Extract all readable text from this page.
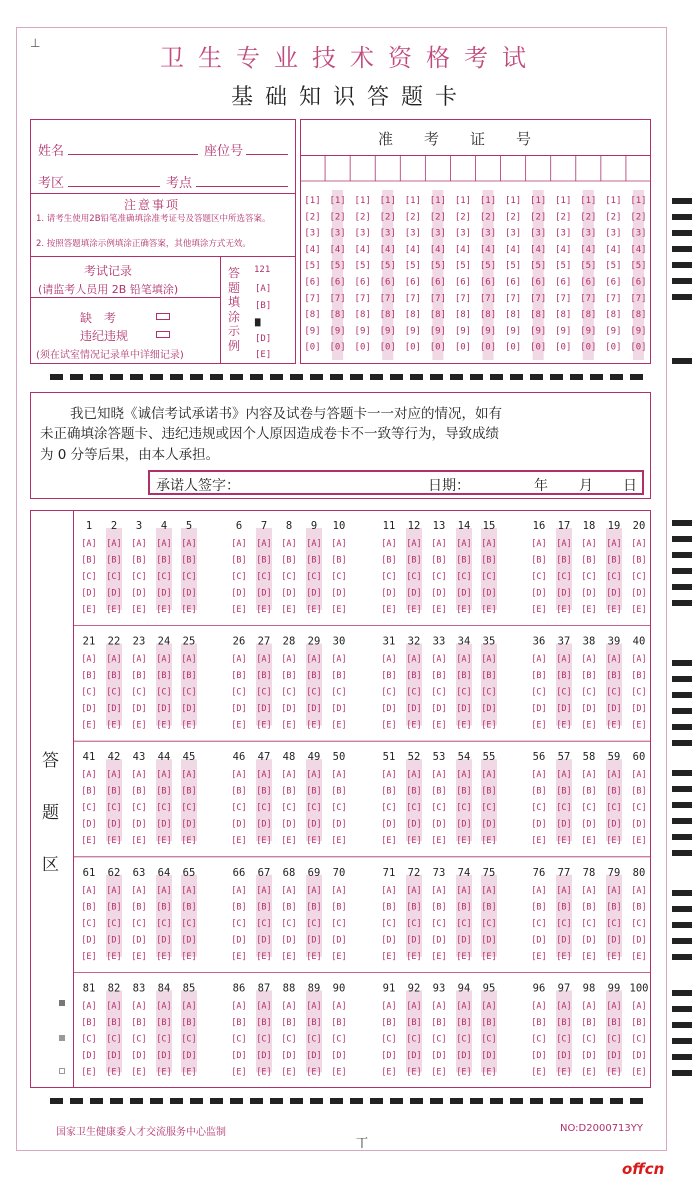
⊥
卫生专业技术资格考试
基础知识答题卡
姓名	座位号
考区	考点
注意事项
1. 请考生使用2B铅笔准确填涂准考证号及答题区中所选答案。
2. 按照答题填涂示例填涂正确答案，其他填涂方式无效。
考试记录
(请监考人员用 2B 铅笔填涂)
缺　考
违纪违规
(须在试室情况记录单中详细记录)
答
题
填
涂
示
例
121
[A]
[B]
▆
[D]
[E]
准　考　证　号
[1]
[2]
[3]
[4]
[5]
[6]
[7]
[8]
[9]
[0]
[1]
[2]
[3]
[4]
[5]
[6]
[7]
[8]
[9]
[0]
[1]
[2]
[3]
[4]
[5]
[6]
[7]
[8]
[9]
[0]
[1]
[2]
[3]
[4]
[5]
[6]
[7]
[8]
[9]
[0]
[1]
[2]
[3]
[4]
[5]
[6]
[7]
[8]
[9]
[0]
[1]
[2]
[3]
[4]
[5]
[6]
[7]
[8]
[9]
[0]
[1]
[2]
[3]
[4]
[5]
[6]
[7]
[8]
[9]
[0]
[1]
[2]
[3]
[4]
[5]
[6]
[7]
[8]
[9]
[0]
[1]
[2]
[3]
[4]
[5]
[6]
[7]
[8]
[9]
[0]
[1]
[2]
[3]
[4]
[5]
[6]
[7]
[8]
[9]
[0]
[1]
[2]
[3]
[4]
[5]
[6]
[7]
[8]
[9]
[0]
[1]
[2]
[3]
[4]
[5]
[6]
[7]
[8]
[9]
[0]
[1]
[2]
[3]
[4]
[5]
[6]
[7]
[8]
[9]
[0]
[1]
[2]
[3]
[4]
[5]
[6]
[7]
[8]
[9]
[0]
我已知晓《诚信考试承诺书》内容及试卷与答题卡一一对应的情况，如有
未正确填涂答题卡、违纪违规或因个人原因造成卷卡不一致等行为，导致成绩
为 0 分等后果，由本人承担。
承诺人签字：	日期：	年 月 日
答
题
区
1
[A]
[B]
[C]
[D]
[E]
2
[A]
[B]
[C]
[D]
[E]
3
[A]
[B]
[C]
[D]
[E]
4
[A]
[B]
[C]
[D]
[E]
5
[A]
[B]
[C]
[D]
[E]
6
[A]
[B]
[C]
[D]
[E]
7
[A]
[B]
[C]
[D]
[E]
8
[A]
[B]
[C]
[D]
[E]
9
[A]
[B]
[C]
[D]
[E]
10
[A]
[B]
[C]
[D]
[E]
11
[A]
[B]
[C]
[D]
[E]
12
[A]
[B]
[C]
[D]
[E]
13
[A]
[B]
[C]
[D]
[E]
14
[A]
[B]
[C]
[D]
[E]
15
[A]
[B]
[C]
[D]
[E]
16
[A]
[B]
[C]
[D]
[E]
17
[A]
[B]
[C]
[D]
[E]
18
[A]
[B]
[C]
[D]
[E]
19
[A]
[B]
[C]
[D]
[E]
20
[A]
[B]
[C]
[D]
[E]
21
[A]
[B]
[C]
[D]
[E]
22
[A]
[B]
[C]
[D]
[E]
23
[A]
[B]
[C]
[D]
[E]
24
[A]
[B]
[C]
[D]
[E]
25
[A]
[B]
[C]
[D]
[E]
26
[A]
[B]
[C]
[D]
[E]
27
[A]
[B]
[C]
[D]
[E]
28
[A]
[B]
[C]
[D]
[E]
29
[A]
[B]
[C]
[D]
[E]
30
[A]
[B]
[C]
[D]
[E]
31
[A]
[B]
[C]
[D]
[E]
32
[A]
[B]
[C]
[D]
[E]
33
[A]
[B]
[C]
[D]
[E]
34
[A]
[B]
[C]
[D]
[E]
35
[A]
[B]
[C]
[D]
[E]
36
[A]
[B]
[C]
[D]
[E]
37
[A]
[B]
[C]
[D]
[E]
38
[A]
[B]
[C]
[D]
[E]
39
[A]
[B]
[C]
[D]
[E]
40
[A]
[B]
[C]
[D]
[E]
41
[A]
[B]
[C]
[D]
[E]
42
[A]
[B]
[C]
[D]
[E]
43
[A]
[B]
[C]
[D]
[E]
44
[A]
[B]
[C]
[D]
[E]
45
[A]
[B]
[C]
[D]
[E]
46
[A]
[B]
[C]
[D]
[E]
47
[A]
[B]
[C]
[D]
[E]
48
[A]
[B]
[C]
[D]
[E]
49
[A]
[B]
[C]
[D]
[E]
50
[A]
[B]
[C]
[D]
[E]
51
[A]
[B]
[C]
[D]
[E]
52
[A]
[B]
[C]
[D]
[E]
53
[A]
[B]
[C]
[D]
[E]
54
[A]
[B]
[C]
[D]
[E]
55
[A]
[B]
[C]
[D]
[E]
56
[A]
[B]
[C]
[D]
[E]
57
[A]
[B]
[C]
[D]
[E]
58
[A]
[B]
[C]
[D]
[E]
59
[A]
[B]
[C]
[D]
[E]
60
[A]
[B]
[C]
[D]
[E]
61
[A]
[B]
[C]
[D]
[E]
62
[A]
[B]
[C]
[D]
[E]
63
[A]
[B]
[C]
[D]
[E]
64
[A]
[B]
[C]
[D]
[E]
65
[A]
[B]
[C]
[D]
[E]
66
[A]
[B]
[C]
[D]
[E]
67
[A]
[B]
[C]
[D]
[E]
68
[A]
[B]
[C]
[D]
[E]
69
[A]
[B]
[C]
[D]
[E]
70
[A]
[B]
[C]
[D]
[E]
71
[A]
[B]
[C]
[D]
[E]
72
[A]
[B]
[C]
[D]
[E]
73
[A]
[B]
[C]
[D]
[E]
74
[A]
[B]
[C]
[D]
[E]
75
[A]
[B]
[C]
[D]
[E]
76
[A]
[B]
[C]
[D]
[E]
77
[A]
[B]
[C]
[D]
[E]
78
[A]
[B]
[C]
[D]
[E]
79
[A]
[B]
[C]
[D]
[E]
80
[A]
[B]
[C]
[D]
[E]
81
[A]
[B]
[C]
[D]
[E]
82
[A]
[B]
[C]
[D]
[E]
83
[A]
[B]
[C]
[D]
[E]
84
[A]
[B]
[C]
[D]
[E]
85
[A]
[B]
[C]
[D]
[E]
86
[A]
[B]
[C]
[D]
[E]
87
[A]
[B]
[C]
[D]
[E]
88
[A]
[B]
[C]
[D]
[E]
89
[A]
[B]
[C]
[D]
[E]
90
[A]
[B]
[C]
[D]
[E]
91
[A]
[B]
[C]
[D]
[E]
92
[A]
[B]
[C]
[D]
[E]
93
[A]
[B]
[C]
[D]
[E]
94
[A]
[B]
[C]
[D]
[E]
95
[A]
[B]
[C]
[D]
[E]
96
[A]
[B]
[C]
[D]
[E]
97
[A]
[B]
[C]
[D]
[E]
98
[A]
[B]
[C]
[D]
[E]
99
[A]
[B]
[C]
[D]
[E]
100
[A]
[B]
[C]
[D]
[E]
国家卫生健康委人才交流服务中心监制
丅
NO:D2000713YY
offcn
